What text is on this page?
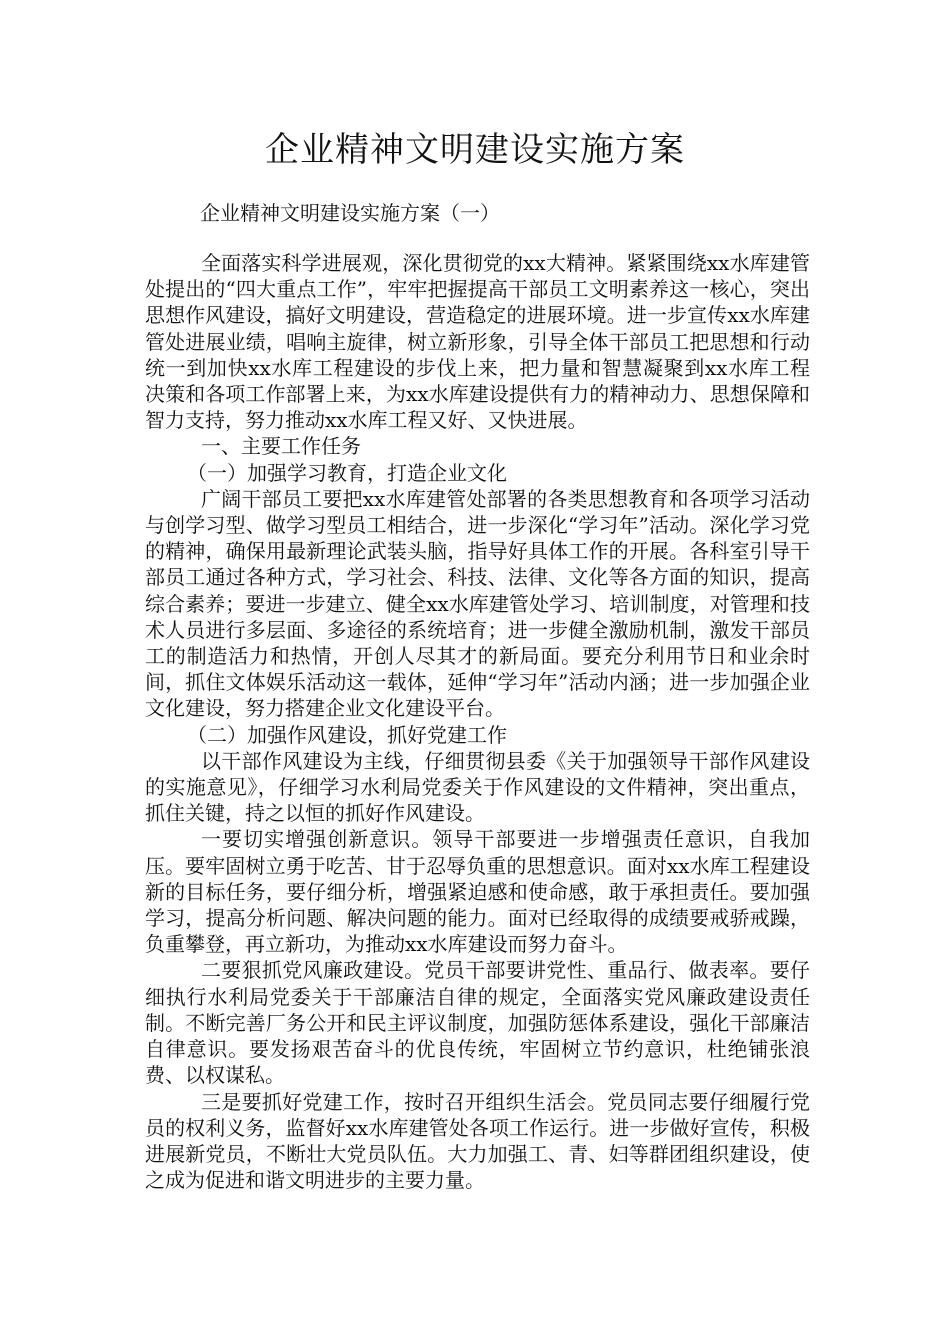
企业精神文明建设实施方案

企业精神文明建设实施方案（一）

全面落实科学进展观，深化贯彻党的xx大精神。紧紧围绕xx水库建管处提出的“四大重点工作”，牢牢把握提高干部员工文明素养这一核心，突出思想作风建设，搞好文明建设，营造稳定的进展环境。进一步宣传xx水库建管处进展业绩，唱响主旋律，树立新形象，引导全体干部员工把思想和行动统一到加快xx水库工程建设的步伐上来，把力量和智慧凝聚到xx水库工程决策和各项工作部署上来，为xx水库建设提供有力的精神动力、思想保障和智力支持，努力推动xx水库工程又好、又快进展。

一、主要工作任务

（一）加强学习教育，打造企业文化

广阔干部员工要把xx水库建管处部署的各类思想教育和各项学习活动与创学习型、做学习型员工相结合，进一步深化“学习年”活动。深化学习党的精神，确保用最新理论武装头脑，指导好具体工作的开展。各科室引导干部员工通过各种方式，学习社会、科技、法律、文化等各方面的知识，提高综合素养；要进一步建立、健全xx水库建管处学习、培训制度，对管理和技术人员进行多层面、多途径的系统培育；进一步健全激励机制，激发干部员工的制造活力和热情，开创人尽其才的新局面。要充分利用节日和业余时间，抓住文体娱乐活动这一载体，延伸“学习年”活动内涵；进一步加强企业文化建设，努力搭建企业文化建设平台。

（二）加强作风建设，抓好党建工作

以干部作风建设为主线，仔细贯彻县委《关于加强领导干部作风建设的实施意见》，仔细学习水利局党委关于作风建设的文件精神，突出重点，抓住关键，持之以恒的抓好作风建设。

一要切实增强创新意识。领导干部要进一步增强责任意识，自我加压。要牢固树立勇于吃苦、甘于忍辱负重的思想意识。面对xx水库工程建设新的目标任务，要仔细分析，增强紧迫感和使命感，敢于承担责任。要加强学习，提高分析问题、解决问题的能力。面对已经取得的成绩要戒骄戒躁，负重攀登，再立新功，为推动xx水库建设而努力奋斗。

二要狠抓党风廉政建设。党员干部要讲党性、重品行、做表率。要仔细执行水利局党委关于干部廉洁自律的规定，全面落实党风廉政建设责任制。不断完善厂务公开和民主评议制度，加强防惩体系建设，强化干部廉洁自律意识。要发扬艰苦奋斗的优良传统，牢固树立节约意识，杜绝铺张浪费、以权谋私。

三是要抓好党建工作，按时召开组织生活会。党员同志要仔细履行党员的权利义务，监督好xx水库建管处各项工作运行。进一步做好宣传，积极进展新党员，不断壮大党员队伍。大力加强工、青、妇等群团组织建设，使之成为促进和谐文明进步的主要力量。
